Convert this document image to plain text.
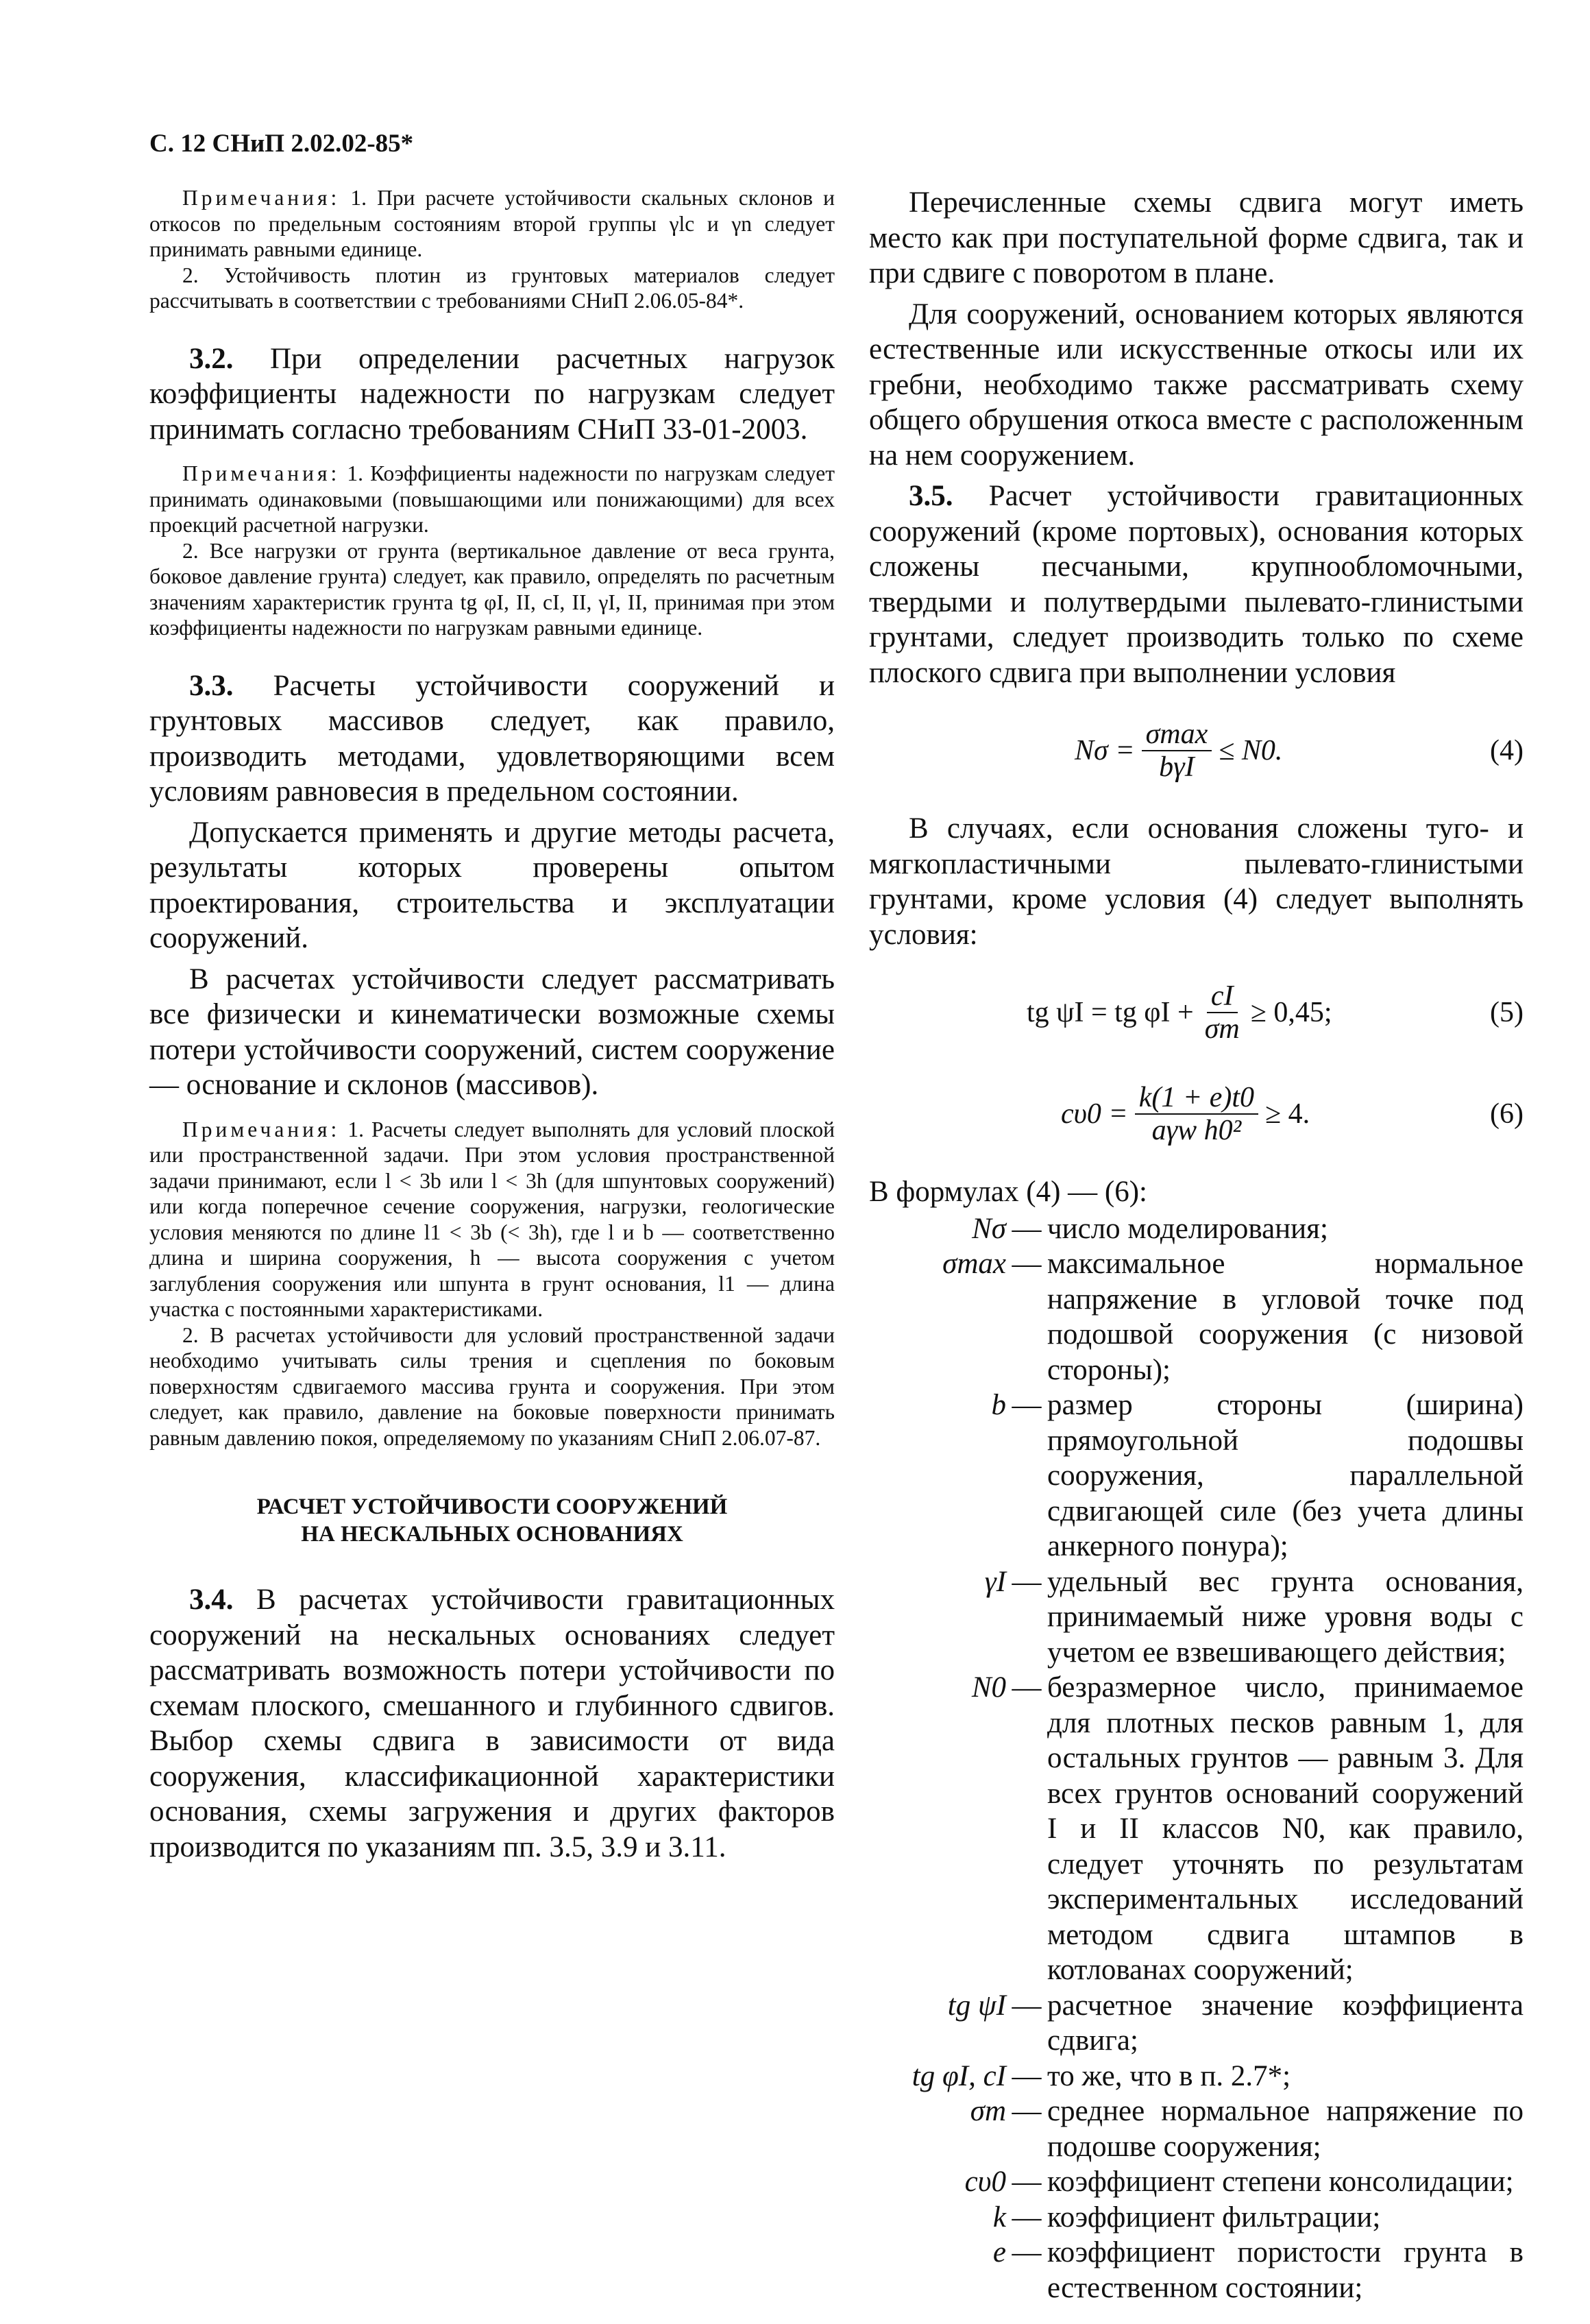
С. 12 СНиП 2.02.02-85*

Примечания: 1. При расчете устойчивости скальных склонов и откосов по предельным состояниям второй группы γlc и γn следует принимать равными единице.

2. Устойчивость плотин из грунтовых материалов следует рассчитывать в соответствии с требованиями СНиП 2.06.05-84*.

3.2. При определении расчетных нагрузок коэффициенты надежности по нагрузкам следует принимать согласно требованиям СНиП 33-01-2003.

Примечания: 1. Коэффициенты надежности по нагрузкам следует принимать одинаковыми (повышающими или понижающими) для всех проекций расчетной нагрузки.

2. Все нагрузки от грунта (вертикальное давление от веса грунта, боковое давление грунта) следует, как правило, определять по расчетным значениям характеристик грунта tg φI, II, cI, II, γI, II, принимая при этом коэффициенты надежности по нагрузкам равными единице.

3.3. Расчеты устойчивости сооружений и грунтовых массивов следует, как правило, производить методами, удовлетворяющими всем условиям равновесия в предельном состоянии.

Допускается применять и другие методы расчета, результаты которых проверены опытом проектирования, строительства и эксплуатации сооружений.

В расчетах устойчивости следует рассматривать все физически и кинематически возможные схемы потери устойчивости сооружений, систем сооружение — основание и склонов (массивов).

Примечания: 1. Расчеты следует выполнять для условий плоской или пространственной задачи. При этом условия пространственной задачи принимают, если l < 3b или l < 3h (для шпунтовых сооружений) или когда поперечное сечение сооружения, нагрузки, геологические условия меняются по длине l1 < 3b (< 3h), где l и b — соответственно длина и ширина сооружения, h — высота сооружения с учетом заглубления сооружения или шпунта в грунт основания, l1 — длина участка с постоянными характеристиками.

2. В расчетах устойчивости для условий пространственной задачи необходимо учитывать силы трения и сцепления по боковым поверхностям сдвигаемого массива грунта и сооружения. При этом следует, как правило, давление на боковые поверхности принимать равным давлению покоя, определяемому по указаниям СНиП 2.06.07-87.

РАСЧЕТ УСТОЙЧИВОСТИ СООРУЖЕНИЙ
НА НЕСКАЛЬНЫХ ОСНОВАНИЯХ

3.4. В расчетах устойчивости гравитационных сооружений на нескальных основаниях следует рассматривать возможность потери устойчивости по схемам плоского, смешанного и глубинного сдвигов. Выбор схемы сдвига в зависимости от вида сооружения, классификационной характеристики основания, схемы загружения и других факторов производится по указаниям пп. 3.5, 3.9 и 3.11.

Перечисленные схемы сдвига могут иметь место как при поступательной форме сдвига, так и при сдвиге с поворотом в плане.

Для сооружений, основанием которых являются естественные или искусственные откосы или их гребни, необходимо также рассматривать схему общего обрушения откоса вместе с расположенным на нем сооружением.

3.5. Расчет устойчивости гравитационных сооружений (кроме портовых), основания которых сложены песчаными, крупнообломочными, твердыми и полутвердыми пылевато-глинистыми грунтами, следует производить только по схеме плоского сдвига при выполнении условия

$N\sigma = \frac{\sigma\max}{\text{bγI}} \le N0$.	(4)

В случаях, если основания сложены туго- и мягкопластичными пылевато-глинистыми грунтами, кроме условия (4) следует выполнять условия:

tg ψI = tg $\varphi I + \frac{cI}{\sigma m} \ge 0,45$;	(5)
$c\upsilon 0 = \frac{k(1 + e)t0}{\text{aγw h0²}} \ge 4$.	(6)
В формулах (4) — (6):
Nσ — число моделирования;
σmax — максимальное нормальное напряжение в угловой точке под подошвой сооружения (с низовой стороны);
b — размер стороны (ширина) прямоугольной подошвы сооружения, параллельной сдвигающей силе (без учета длины анкерного понура);
γI — удельный вес грунта основания, принимаемый ниже уровня воды с учетом ее взвешивающего действия;
N0 — безразмерное число, принимаемое для плотных песков равным 1, для остальных грунтов — равным 3. Для всех грунтов оснований сооружений I и II классов N0, как правило, следует уточнять по результатам экспериментальных исследований методом сдвига штампов в котлованах сооружений;
tg ψI — расчетное значение коэффициента сдвига;
tg φI, cI — то же, что в п. 2.7*;
σm — среднее нормальное напряжение по подошве сооружения;
cυ0 — коэффициент степени консолидации;
k — коэффициент фильтрации;
e — коэффициент пористости грунта в естественном состоянии;
